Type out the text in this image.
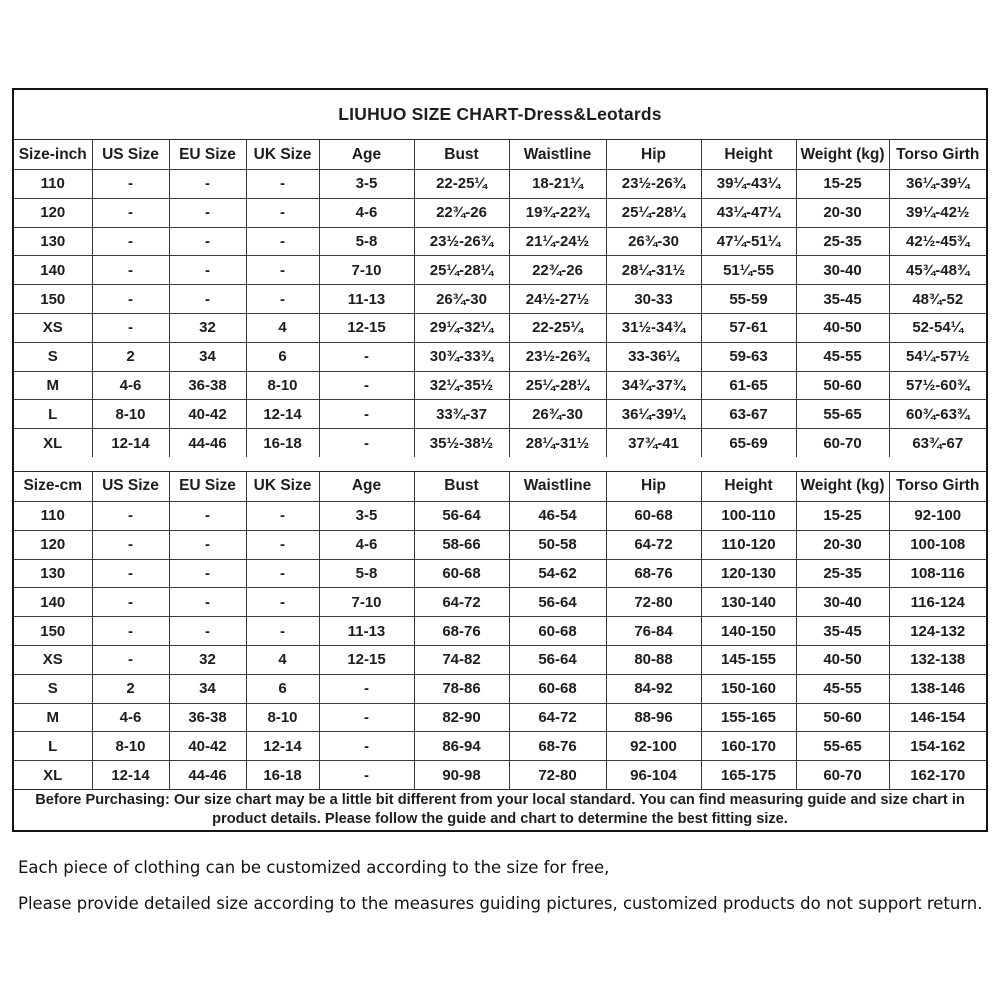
LIUHUO SIZE CHART-Dress&Leotards
Size-inch	US Size	EU Size	UK Size	Age	Bust	Waistline	Hip	Height	Weight (kg)	Torso Girth
110	-	-	-	3-5	22-25¼	18-21¼	23½-26¾	39¼-43¼	15-25	36¼-39¼
120	-	-	-	4-6	22¾-26	19¾-22¾	25¼-28¼	43¼-47¼	20-30	39¼-42½
130	-	-	-	5-8	23½-26¾	21¼-24½	26¾-30	47¼-51¼	25-35	42½-45¾
140	-	-	-	7-10	25¼-28¼	22¾-26	28¼-31½	51¼-55	30-40	45¾-48¾
150	-	-	-	11-13	26¾-30	24½-27½	30-33	55-59	35-45	48¾-52
XS	-	32	4	12-15	29¼-32¼	22-25¼	31½-34¾	57-61	40-50	52-54¼
S	2	34	6	-	30¾-33¾	23½-26¾	33-36¼	59-63	45-55	54¼-57½
M	4-6	36-38	8-10	-	32¼-35½	25¼-28¼	34¾-37¾	61-65	50-60	57½-60¾
L	8-10	40-42	12-14	-	33¾-37	26¾-30	36¼-39¼	63-67	55-65	60¾-63¾
XL	12-14	44-46	16-18	-	35½-38½	28¼-31½	37¾-41	65-69	60-70	63¾-67
Size-cm	US Size	EU Size	UK Size	Age	Bust	Waistline	Hip	Height	Weight (kg)	Torso Girth
110	-	-	-	3-5	56-64	46-54	60-68	100-110	15-25	92-100
120	-	-	-	4-6	58-66	50-58	64-72	110-120	20-30	100-108
130	-	-	-	5-8	60-68	54-62	68-76	120-130	25-35	108-116
140	-	-	-	7-10	64-72	56-64	72-80	130-140	30-40	116-124
150	-	-	-	11-13	68-76	60-68	76-84	140-150	35-45	124-132
XS	-	32	4	12-15	74-82	56-64	80-88	145-155	40-50	132-138
S	2	34	6	-	78-86	60-68	84-92	150-160	45-55	138-146
M	4-6	36-38	8-10	-	82-90	64-72	88-96	155-165	50-60	146-154
L	8-10	40-42	12-14	-	86-94	68-76	92-100	160-170	55-65	154-162
XL	12-14	44-46	16-18	-	90-98	72-80	96-104	165-175	60-70	162-170
Before Purchasing: Our size chart may be a little bit different from your local standard. You can find measuring guide and size chart in product details. Please follow the guide and chart to determine the best fitting size.
Each piece of clothing can be customized according to the size for free,
Please provide detailed size according to the measures guiding pictures, customized products do not support return.
